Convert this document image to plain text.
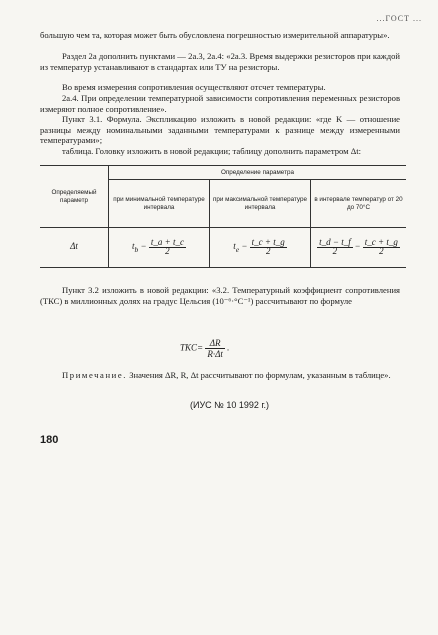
...ГОСТ ...
большую чем та, которая может быть обусловлена погрешностью измерительной аппаратуры».
Раздел 2а дополнить пунктами — 2а.3, 2а.4: «2а.3. Время выдержки резисторов при каждой из температур устанавливают в стандартах или ТУ на резисторы.
Во время измерения сопротивления осуществляют отсчет температуры.
2а.4. При определении температурной зависимости сопротивления переменных резисторов измеряют полное сопротивление».
Пункт 3.1. Формула. Экспликацию изложить в новой редакции: «где K — отношение разницы между номинальными заданными температурами к разнице между измеренными температурами»;
таблица. Головку изложить в новой редакции; таблицу дополнить параметром Δt:
Определяемый параметр	Определение параметра		
	при минимальной температуре интервала	при максимальной температуре интервала	в интервале температур от 20 до 70°С
Δt	$t_b - \frac{t\_a + t\_c}{2}$	$t_e - \frac{t\_c + t\_g}{2}$	$\frac{t\_d - t\_f}{2} - \frac{t\_c + t\_g}{2}$
Пункт 3.2 изложить в новой редакции: «3.2. Температурный коэффициент сопротивления (ТКС) в миллионных долях на градус Цельсия (10⁻⁶·°С⁻¹) рассчитывают по формуле
$TKC= \frac{\Delta R}{R\cdot\Delta t}$ .
Примечание. Значения ΔR, R, Δt рассчитывают по формулам, указанным в таблице».
(ИУС № 10 1992 г.)
180
